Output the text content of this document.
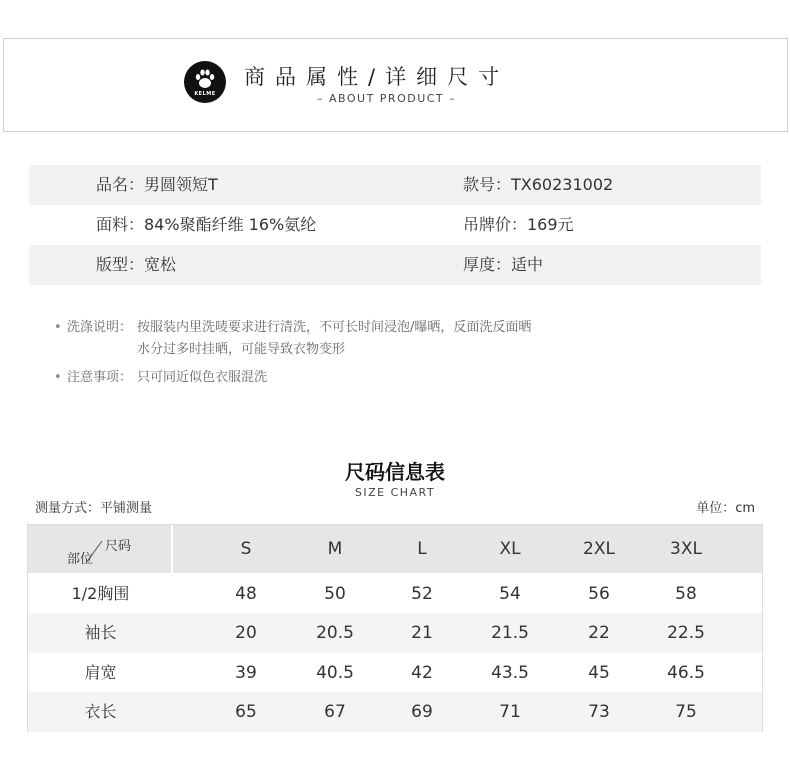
KELME
商品属性/详细尺寸
– ABOUT PRODUCT –
品名：男圆领短T	款号：TX60231002
面料：84%聚酯纤维 16%氨纶	吊牌价：169元
版型：宽松	厚度：适中
• 洗涤说明： 按服装内里洗唛要求进行清洗，不可长时间浸泡/曝晒，反面洗反面晒
水分过多时挂晒，可能导致衣物变形
• 注意事项： 只可同近似色衣服混洗
尺码信息表
SIZE CHART
测量方式：平铺测量	单位：cm
尺码
部位
S	M	L	XL	2XL	3XL
1/2胸围	48	50	52	54	56	58
袖长	20	20.5	21	21.5	22	22.5
肩宽	39	40.5	42	43.5	45	46.5
衣长	65	67	69	71	73	75
